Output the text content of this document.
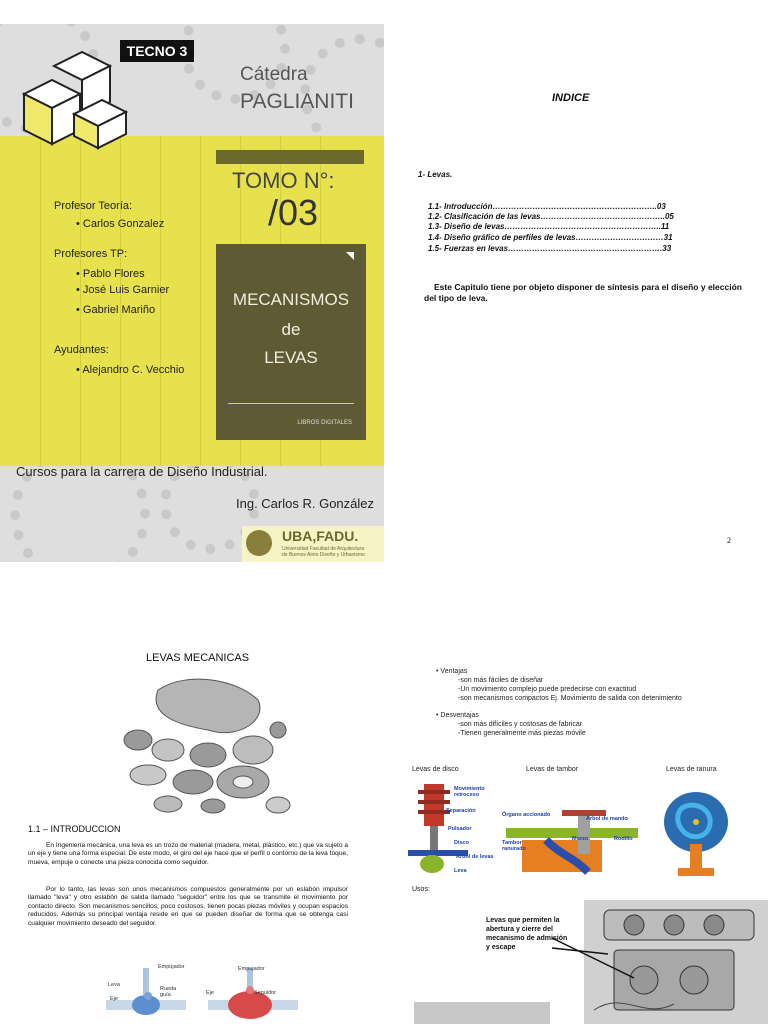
TECNO 3
Cátedra
PAGLIANITI
TOMO N°:
/03
MECANISMOS
de
LEVAS
LIBROS DIGITALES
Profesor Teoría:
• Carlos Gonzalez
Profesores TP:
• Pablo Flores
• José Luis Garnier
• Gabriel Mariño
Ayudantes:
• Alejandro C. Vecchio
Cursos para la carrera de Diseño Industrial.
Ing. Carlos R. González
UBA,FADU.
Universidad Facultad de Arquitectura
de Buenos Aires Diseño y Urbanismo
INDICE
1- Levas.
1.1- Introducción……………………………………………………..03
1.2- Clasificación de las levas………………………………………..05
1.3- Diseño de levas…………………………………………………..11
1.4- Diseño gráfico de perfiles de levas……………………………31
1.5- Fuerzas en levas………………………………………………….33
Este Capitulo tiene por objeto disponer de síntesis para el diseño y elección del tipo de leva.
2
LEVAS MECANICAS
1.1 – INTRODUCCION
En Ingeniería mecánica, una leva es un trozo de material (madera, metal, plástico, etc.) que va sujeto a un eje y tiene una forma especial. De este modo, el giro del eje hace que el perfil o contorno de la leva toque, mueva, empuje o conecte una pieza conocida como seguidor.
Por lo tanto, las levas son unos mecanismos compuestos generalmente por un eslabón impulsor llamado "leva" y otro eslabón de salida llamado "seguidor" entre los que se transmite el movimiento por contacto directo. Son mecanismos sencillos, poco costosos, tienen pocas piezas móviles y ocupan espacios reducidos. Además su principal ventaja reside en que se pueden diseñar de forma que se obtenga casi cualquier movimiento deseado del seguidor.
Empujador
Leva
Rueda guía
Eje
Empujador
Eje	Seguidor
• Ventajas
-son más fáciles de diseñar
-Un movimiento complejo puede predecirse con exactitud
-son mecanismos compactos Ej. Movimiento de salida con detenimiento
• Desventajas
-son más difíciles y costosas de fabricar
-Tienen generalmente más piezas móvile
Levas de disco	Levas de tambor	Levas de ranura
Movimiento retroceso
Separación
Pulsador
Disco
Árbol de levas
Leva
Órgano accionado
Árbol de mando
Tambor ranurado
Morzo	Rodillo
Usos:
Levas que permiten la abertura y cierre del mecanismo de admisión y escape
